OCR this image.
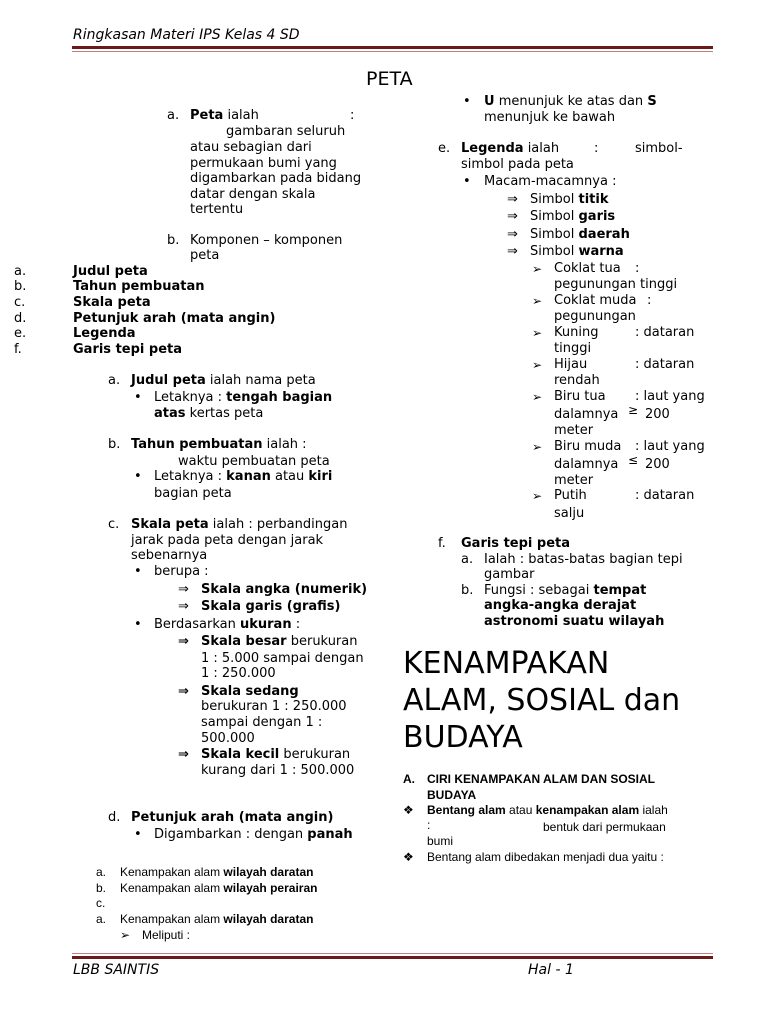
Ringkasan Materi IPS Kelas 4 SD
PETA
a. Peta ialah	:
gambaran seluruh
atau sebagian dari
permukaan bumi yang
digambarkan pada bidang
datar dengan skala
tertentu
b. Komponen – komponen
peta
a.	Judul peta
b.	Tahun pembuatan
c.	Skala peta
d.	Petunjuk arah (mata angin)
e.	Legenda
f.	Garis tepi peta
a. Judul peta ialah nama peta
• Letaknya : tengah bagian
atas kertas peta
b. Tahun pembuatan ialah :
waktu pembuatan peta
• Letaknya : kanan atau kiri
bagian peta
c. Skala peta ialah : perbandingan
jarak pada peta dengan jarak
sebenarnya
• berupa :
⇒ Skala angka (numerik)
⇒ Skala garis (grafis)
• Berdasarkan ukuran :
⇒ Skala besar berukuran
1 : 5.000 sampai dengan
1 : 250.000
⇒ Skala sedang
berukuran 1 : 250.000
sampai dengan 1 :
500.000
⇒ Skala kecil berukuran
kurang dari 1 : 500.000
d. Petunjuk arah (mata angin)
• Digambarkan : dengan panah
a. Kenampakan alam wilayah daratan
b. Kenampakan alam wilayah perairan
c.
a. Kenampakan alam wilayah daratan
➢ Meliputi :
• U menunjuk ke atas dan S
menunjuk ke bawah
e. Legenda ialah	:	simbol-
simbol pada peta
• Macam-macamnya :
⇒ Simbol titik
⇒ Simbol garis
⇒ Simbol daerah
⇒ Simbol warna
➢ Coklat tua :
pegunungan tinggi
➢ Coklat muda :
pegunungan
➢ Kuning	: dataran
tinggi
➢ Hijau	: dataran
rendah
➢ Biru tua : laut yang
dalamnya ≥ 200
meter
➢ Biru muda : laut yang
dalamnya ≤ 200
meter
➢ Putih	: dataran
salju
f. Garis tepi peta
a. Ialah : batas-batas bagian tepi
gambar
b. Fungsi : sebagai tempat
angka-angka derajat
astronomi suatu wilayah
KENAMPAKAN
ALAM, SOSIAL dan
BUDAYA
A. CIRI KENAMPAKAN ALAM DAN SOSIAL
BUDAYA
❖ Bentang alam atau kenampakan alam ialah
:	bentuk dari permukaan
bumi
❖ Bentang alam dibedakan menjadi dua yaitu :
LBB SAINTIS	Hal - 1
